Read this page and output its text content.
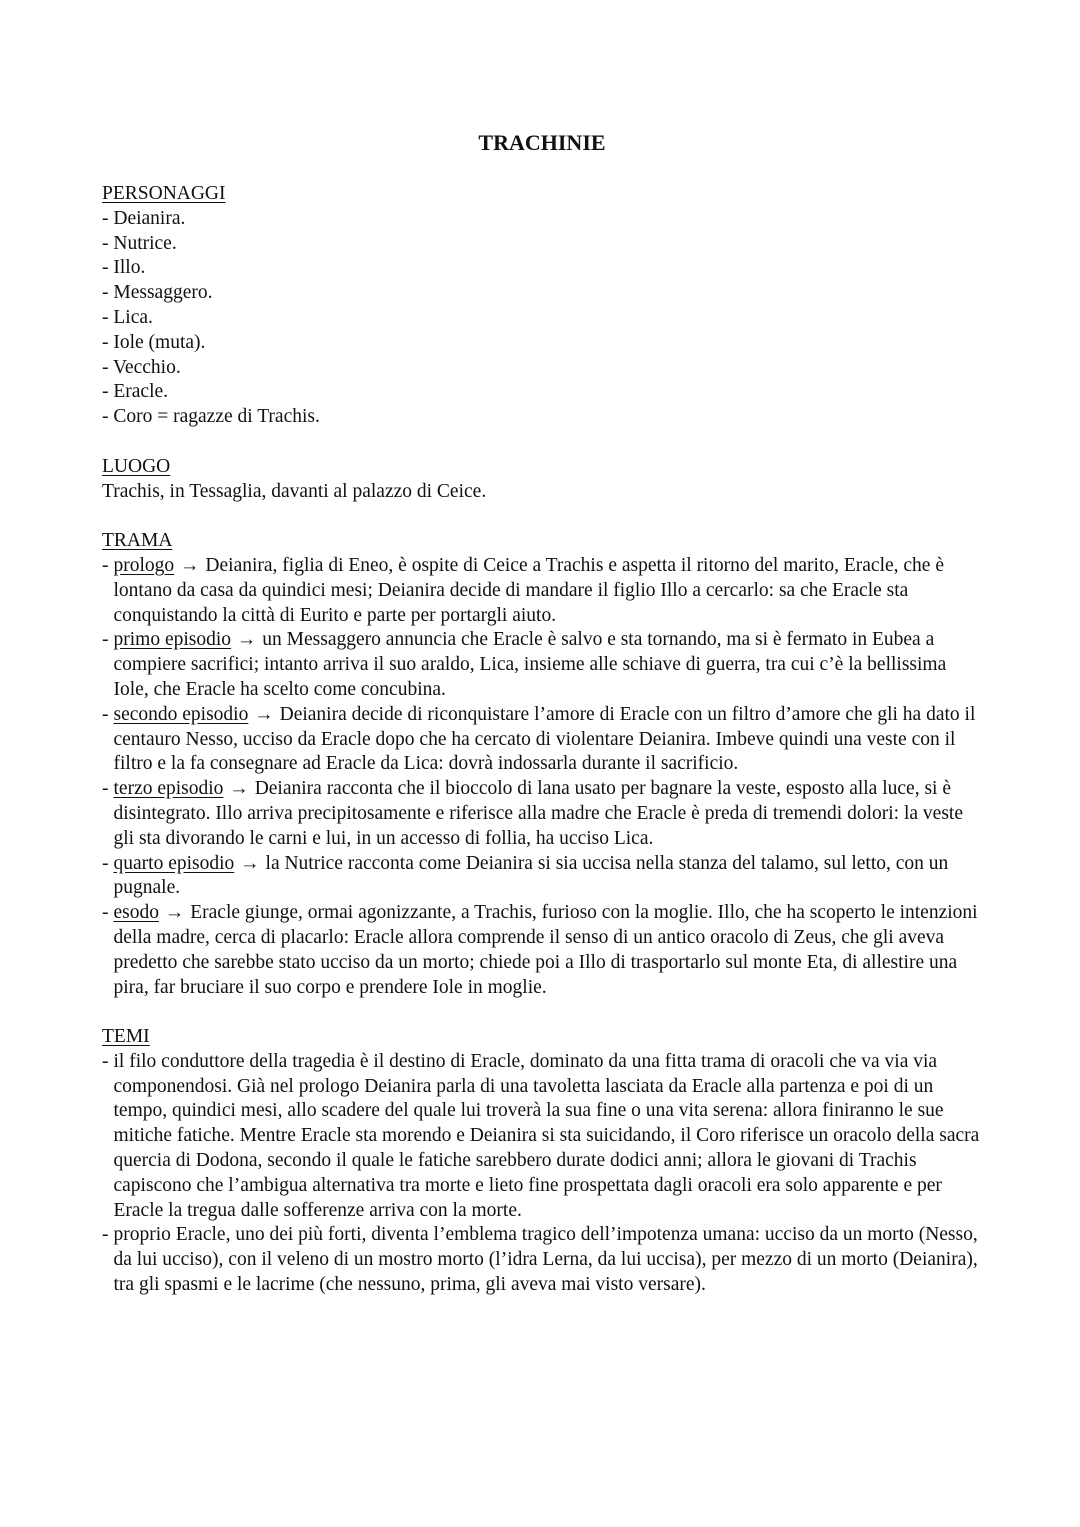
TRACHINIE
PERSONAGGI
- Deianira.
- Nutrice.
- Illo.
- Messaggero.
- Lica.
- Iole (muta).
- Vecchio.
- Eracle.
- Coro = ragazze di Trachis.
LUOGO
Trachis, in Tessaglia, davanti al palazzo di Ceice.
TRAMA
- prologo → Deianira, figlia di Eneo, è ospite di Ceice a Trachis e aspetta il ritorno del marito, Eracle, che è lontano da casa da quindici mesi; Deianira decide di mandare il figlio Illo a cercarlo: sa che Eracle sta conquistando la città di Eurito e parte per portargli aiuto.
- primo episodio → un Messaggero annuncia che Eracle è salvo e sta tornando, ma si è fermato in Eubea a compiere sacrifici; intanto arriva il suo araldo, Lica, insieme alle schiave di guerra, tra cui c’è la bellissima Iole, che Eracle ha scelto come concubina.
- secondo episodio → Deianira decide di riconquistare l’amore di Eracle con un filtro d’amore che gli ha dato il centauro Nesso, ucciso da Eracle dopo che ha cercato di violentare Deianira. Imbeve quindi una veste con il filtro e la fa consegnare ad Eracle da Lica: dovrà indossarla durante il sacrificio.
- terzo episodio → Deianira racconta che il bioccolo di lana usato per bagnare la veste, esposto alla luce, si è disintegrato. Illo arriva precipitosamente e riferisce alla madre che Eracle è preda di tremendi dolori: la veste gli sta divorando le carni e lui, in un accesso di follia, ha ucciso Lica.
- quarto episodio → la Nutrice racconta come Deianira si sia uccisa nella stanza del talamo, sul letto, con un pugnale.
- esodo → Eracle giunge, ormai agonizzante, a Trachis, furioso con la moglie. Illo, che ha scoperto le intenzioni della madre, cerca di placarlo: Eracle allora comprende il senso di un antico oracolo di Zeus, che gli aveva predetto che sarebbe stato ucciso da un morto; chiede poi a Illo di trasportarlo sul monte Eta, di allestire una pira, far bruciare il suo corpo e prendere Iole in moglie.
TEMI
- il filo conduttore della tragedia è il destino di Eracle, dominato da una fitta trama di oracoli che va via via componendosi. Già nel prologo Deianira parla di una tavoletta lasciata da Eracle alla partenza e poi di un tempo, quindici mesi, allo scadere del quale lui troverà la sua fine o una vita serena: allora finiranno le sue mitiche fatiche. Mentre Eracle sta morendo e Deianira si sta suicidando, il Coro riferisce un oracolo della sacra quercia di Dodona, secondo il quale le fatiche sarebbero durate dodici anni; allora le giovani di Trachis capiscono che l’ambigua alternativa tra morte e lieto fine prospettata dagli oracoli era solo apparente e per Eracle la tregua dalle sofferenze arriva con la morte.
- proprio Eracle, uno dei più forti, diventa l’emblema tragico dell’impotenza umana: ucciso da un morto (Nesso, da lui ucciso), con il veleno di un mostro morto (l’idra Lerna, da lui uccisa), per mezzo di un morto (Deianira), tra gli spasmi e le lacrime (che nessuno, prima, gli aveva mai visto versare).
